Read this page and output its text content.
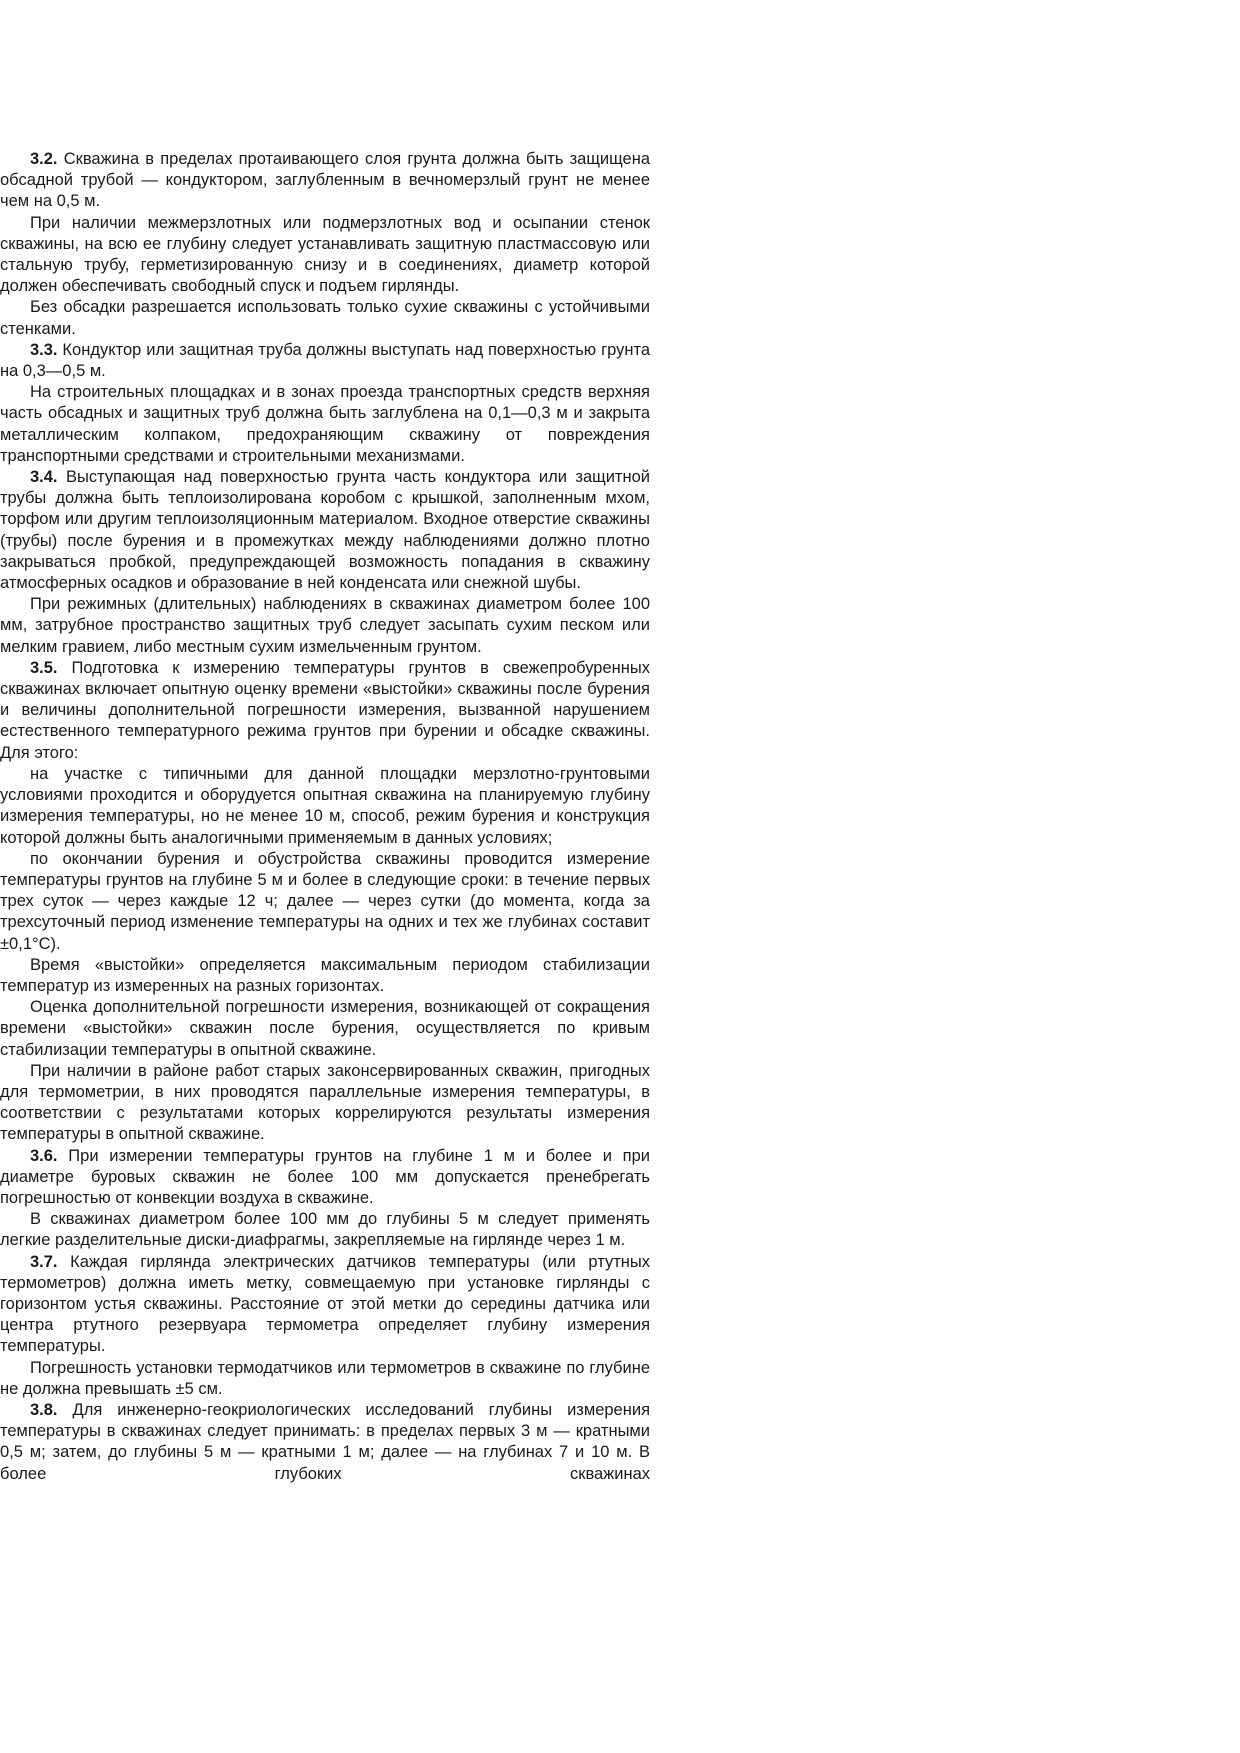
3.2. Скважина в пределах протаивающего слоя грунта должна быть защищена обсадной трубой — кондуктором, заглубленным в вечномерзлый грунт не менее чем на 0,5 м.

При наличии межмерзлотных или подмерзлотных вод и осыпании стенок скважины, на всю ее глубину следует устанавливать защитную пластмассовую или стальную трубу, герметизированную снизу и в соединениях, диаметр которой должен обеспечивать свободный спуск и подъем гирлянды.

Без обсадки разрешается использовать только сухие скважины с устойчивыми стенками.

3.3. Кондуктор или защитная труба должны выступать над поверхностью грунта на 0,3—0,5 м.

На строительных площадках и в зонах проезда транспортных средств верхняя часть обсадных и защитных труб должна быть заглублена на 0,1—0,3 м и закрыта металлическим колпаком, предохраняющим скважину от повреждения транспортными средствами и строительными механизмами.

3.4. Выступающая над поверхностью грунта часть кондуктора или защитной трубы должна быть теплоизолирована коробом с крышкой, заполненным мхом, торфом или другим теплоизоляционным материалом. Входное отверстие скважины (трубы) после бурения и в промежутках между наблюдениями должно плотно закрываться пробкой, предупреждающей возможность попадания в скважину атмосферных осадков и образование в ней конденсата или снежной шубы.

При режимных (длительных) наблюдениях в скважинах диаметром более 100 мм, затрубное пространство защитных труб следует засыпать сухим песком или мелким гравием, либо местным сухим измельченным грунтом.

3.5. Подготовка к измерению температуры грунтов в свежепробуренных скважинах включает опытную оценку времени «выстойки» скважины после бурения и величины дополнительной погрешности измерения, вызванной нарушением естественного температурного режима грунтов при бурении и обсадке скважины. Для этого:

на участке с типичными для данной площадки мерзлотно-грунтовыми условиями проходится и оборудуется опытная скважина на планируемую глубину измерения температуры, но не менее 10 м, способ, режим бурения и конструкция которой должны быть аналогичными применяемым в данных условиях;

по окончании бурения и обустройства скважины проводится измерение температуры грунтов на глубине 5 м и более в следующие сроки: в течение первых трех суток — через каждые 12 ч; далее — через сутки (до момента, когда за трехсуточный период изменение температуры на одних и тех же глубинах составит ±0,1°С).

Время «выстойки» определяется максимальным периодом стабилизации температур из измеренных на разных горизонтах.

Оценка дополнительной погрешности измерения, возникающей от сокращения времени «выстойки» скважин после бурения, осуществляется по кривым стабилизации температуры в опытной скважине.

При наличии в районе работ старых законсервированных скважин, пригодных для термометрии, в них проводятся параллельные измерения температуры, в соответствии с результатами которых коррелируются результаты измерения температуры в опытной скважине.

3.6. При измерении температуры грунтов на глубине 1 м и более и при диаметре буровых скважин не более 100 мм допускается пренебрегать погрешностью от конвекции воздуха в скважине.

В скважинах диаметром более 100 мм до глубины 5 м следует применять легкие разделительные диски-диафрагмы, закрепляемые на гирлянде через 1 м.

3.7. Каждая гирлянда электрических датчиков температуры (или ртутных термометров) должна иметь метку, совмещаемую при установке гирлянды с горизонтом устья скважины. Расстояние от этой метки до середины датчика или центра ртутного резервуара термометра определяет глубину измерения температуры.

Погрешность установки термодатчиков или термометров в скважине по глубине не должна превышать ±5 см.

3.8. Для инженерно-геокриологических исследований глубины измерения температуры в скважинах следует принимать: в пределах первых 3 м — кратными 0,5 м; затем, до глубины 5 м — кратными 1 м; далее — на глубинах 7 и 10 м. В более глубоких скважинах
